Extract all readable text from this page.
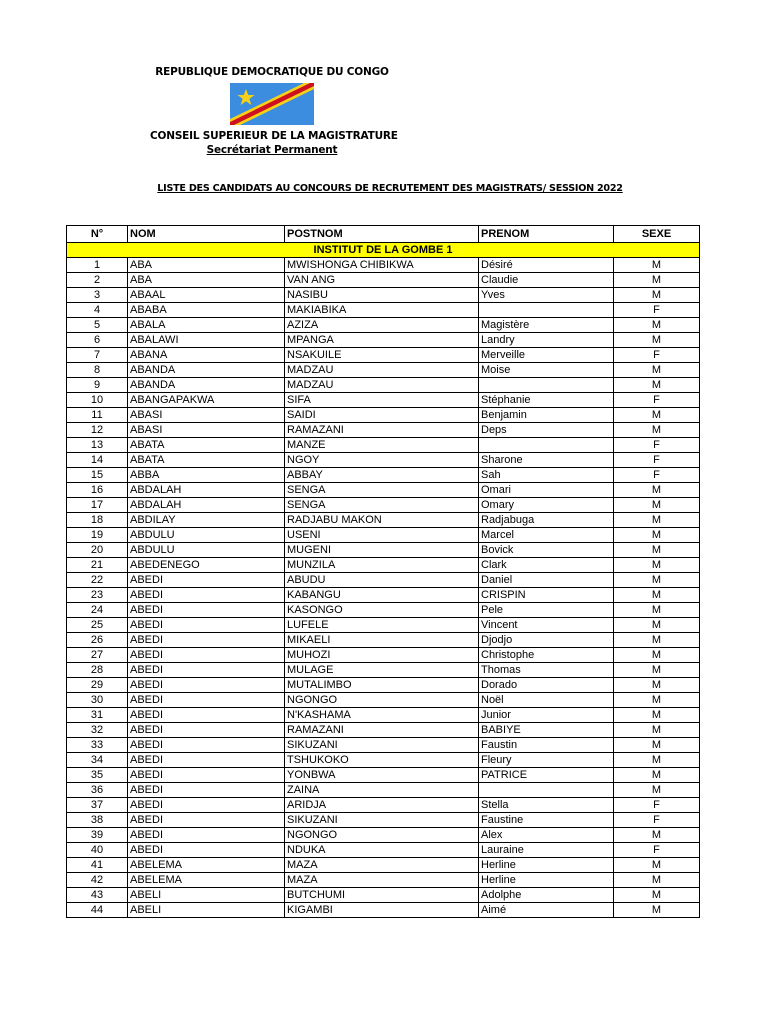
REPUBLIQUE DEMOCRATIQUE DU CONGO
CONSEIL SUPERIEUR DE LA MAGISTRATURE
Secrétariat Permanent
LISTE DES CANDIDATS AU CONCOURS DE RECRUTEMENT DES MAGISTRATS/ SESSION 2022
N°	NOM	POSTNOM	PRENOM	SEXE
INSTITUT DE LA GOMBE 1				
1	ABA	MWISHONGA CHIBIKWA	Désiré	M
2	ABA	VAN ANG	Claudie	M
3	ABAAL	NASIBU	Yves	M
4	ABABA	MAKIABIKA		F
5	ABALA	AZIZA	Magistère	M
6	ABALAWI	MPANGA	Landry	M
7	ABANA	NSAKUILE	Merveille	F
8	ABANDA	MADZAU	Moise	M
9	ABANDA	MADZAU		M
10	ABANGAPAKWA	SIFA	Stéphanie	F
11	ABASI	SAIDI	Benjamin	M
12	ABASI	RAMAZANI	Deps	M
13	ABATA	MANZE		F
14	ABATA	NGOY	Sharone	F
15	ABBA	ABBAY	Sah	F
16	ABDALAH	SENGA	Omari	M
17	ABDALAH	SENGA	Omary	M
18	ABDILAY	RADJABU MAKON	Radjabuga	M
19	ABDULU	USENI	Marcel	M
20	ABDULU	MUGENI	Bovick	M
21	ABEDENEGO	MUNZILA	Clark	M
22	ABEDI	ABUDU	Daniel	M
23	ABEDI	KABANGU	CRISPIN	M
24	ABEDI	KASONGO	Pele	M
25	ABEDI	LUFELE	Vincent	M
26	ABEDI	MIKAELI	Djodjo	M
27	ABEDI	MUHOZI	Christophe	M
28	ABEDI	MULAGE	Thomas	M
29	ABEDI	MUTALIMBO	Dorado	M
30	ABEDI	NGONGO	Noël	M
31	ABEDI	N'KASHAMA	Junior	M
32	ABEDI	RAMAZANI	BABIYE	M
33	ABEDI	SIKUZANI	Faustin	M
34	ABEDI	TSHUKOKO	Fleury	M
35	ABEDI	YONBWA	PATRICE	M
36	ABEDI	ZAINA		M
37	ABEDI	ARIDJA	Stella	F
38	ABEDI	SIKUZANI	Faustine	F
39	ABEDI	NGONGO	Alex	M
40	ABEDI	NDUKA	Lauraine	F
41	ABELEMA	MAZA	Herline	M
42	ABELEMA	MAZA	Herline	M
43	ABELI	BUTCHUMI	Adolphe	M
44	ABELI	KIGAMBI	Aimé	M
